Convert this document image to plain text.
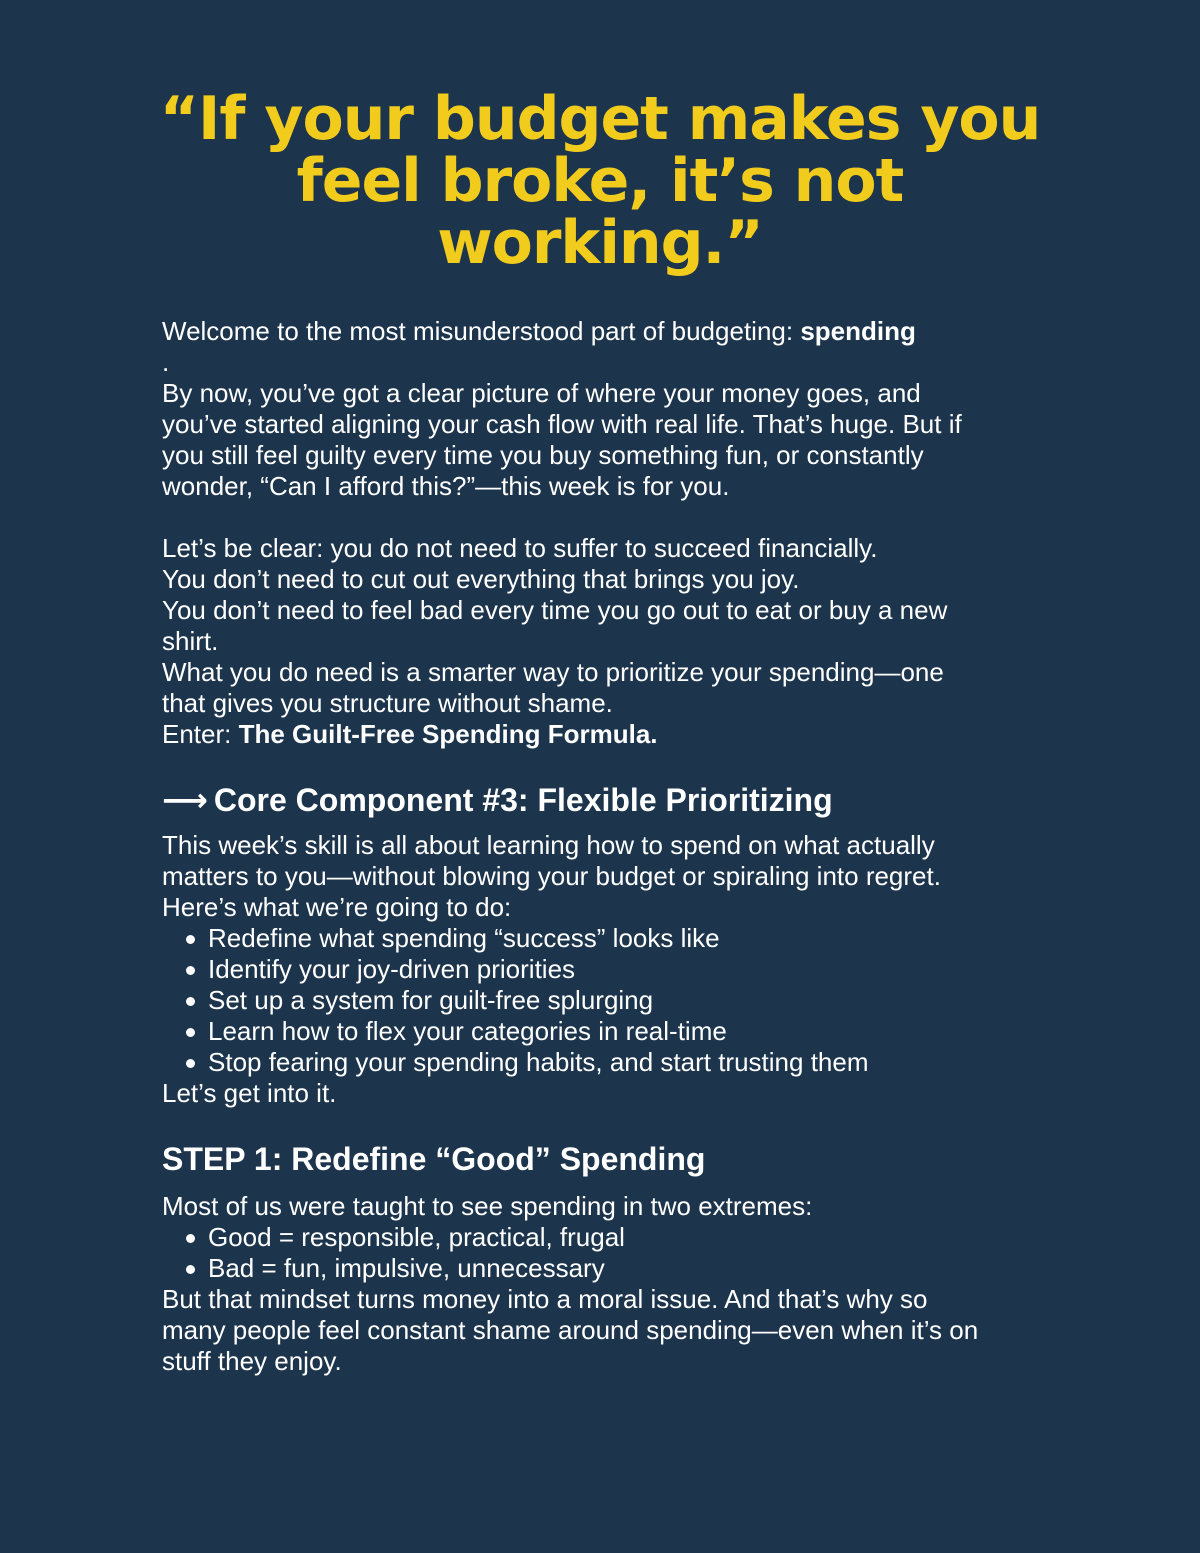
“If your budget makes you
feel broke, it’s not
working.”

Welcome to the most misunderstood part of budgeting: spending

.

By now, you’ve got a clear picture of where your money goes, and

you’ve started aligning your cash flow with real life. That’s huge. But if

you still feel guilty every time you buy something fun, or constantly

wonder, “Can I afford this?”—this week is for you.

Let’s be clear: you do not need to suffer to succeed financially.

You don’t need to cut out everything that brings you joy.

You don’t need to feel bad every time you go out to eat or buy a new

shirt.

What you do need is a smarter way to prioritize your spending—one

that gives you structure without shame.

Enter: The Guilt-Free Spending Formula.

⟶ Core Component #3: Flexible Prioritizing

This week’s skill is all about learning how to spend on what actually

matters to you—without blowing your budget or spiraling into regret.

Here’s what we’re going to do:

Redefine what spending “success” looks like
Identify your joy-driven priorities
Set up a system for guilt-free splurging
Learn how to flex your categories in real-time
Stop fearing your spending habits, and start trusting them

Let’s get into it.

STEP 1: Redefine “Good” Spending

Most of us were taught to see spending in two extremes:

Good = responsible, practical, frugal
Bad = fun, impulsive, unnecessary

But that mindset turns money into a moral issue. And that’s why so

many people feel constant shame around spending—even when it’s on

stuff they enjoy.
